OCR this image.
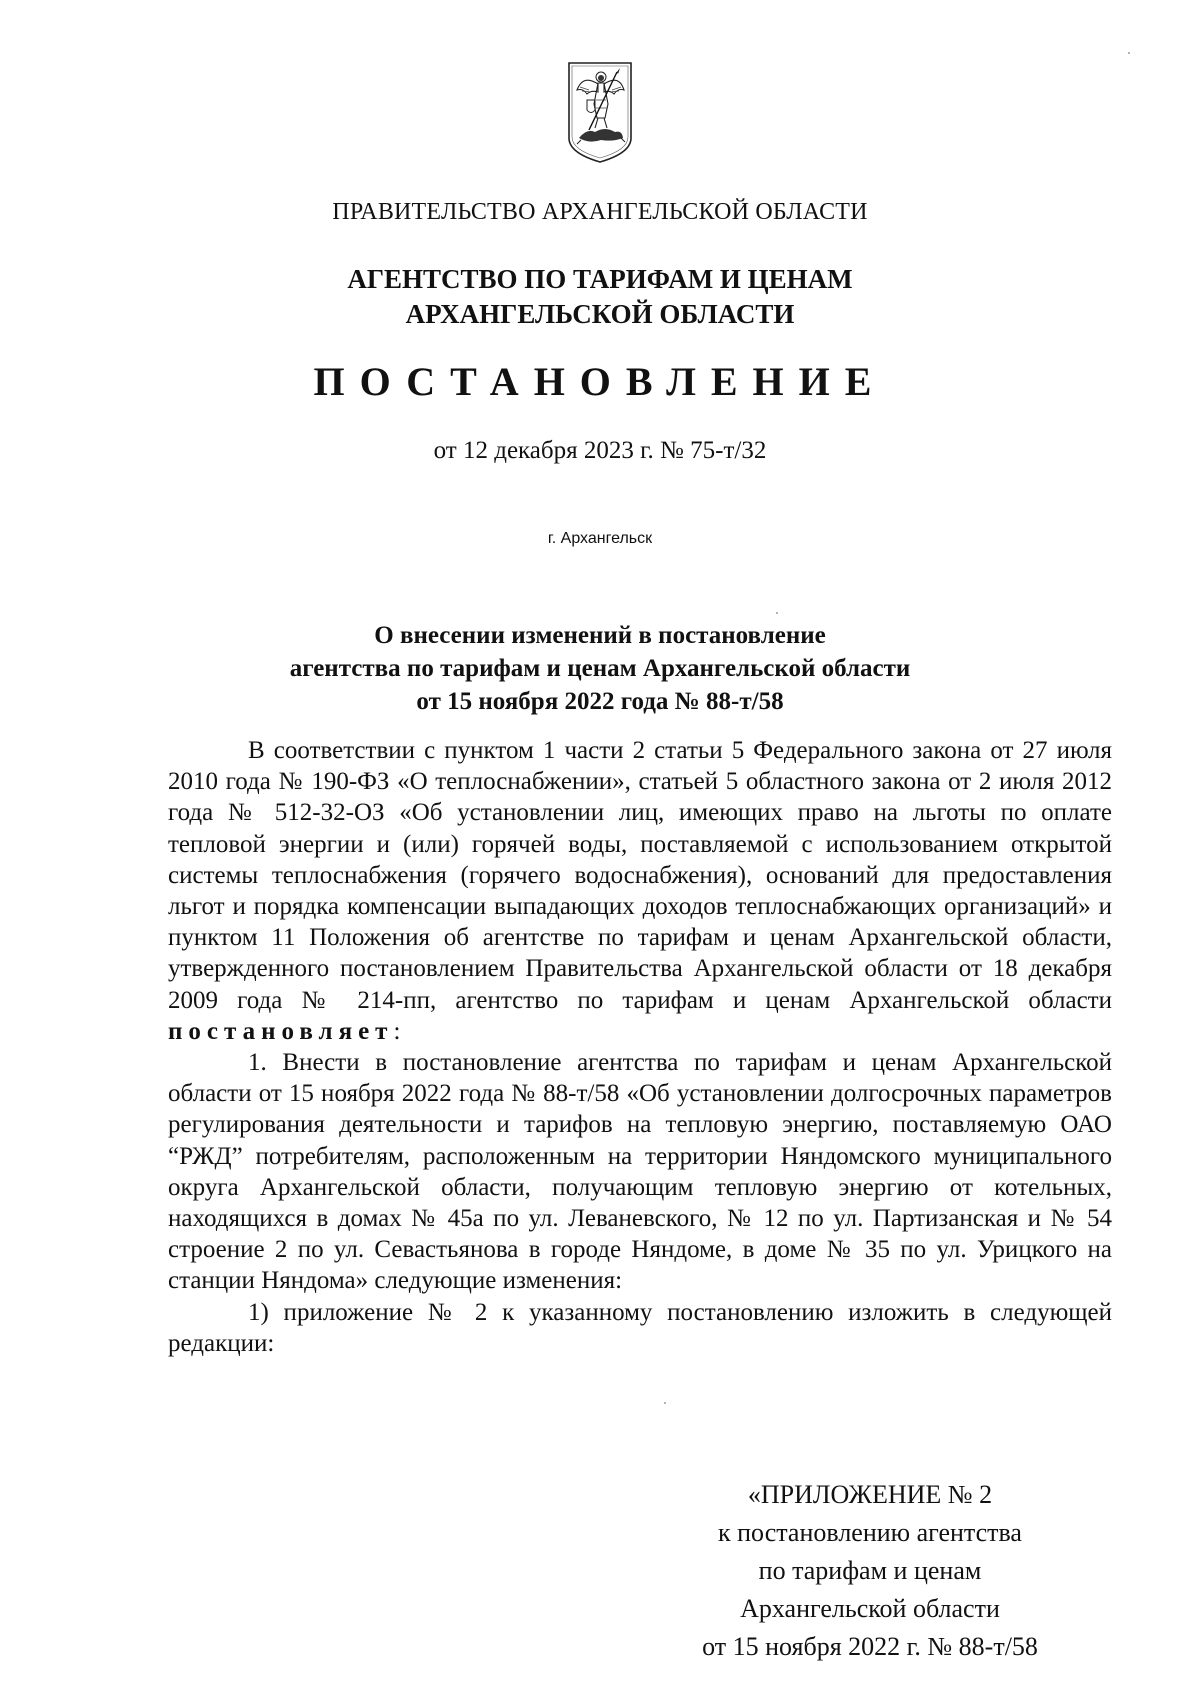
ПРАВИТЕЛЬСТВО АРХАНГЕЛЬСКОЙ ОБЛАСТИ
АГЕНТСТВО ПО ТАРИФАМ И ЦЕНАМ
АРХАНГЕЛЬСКОЙ ОБЛАСТИ
ПОСТАНОВЛЕНИЕ
от 12 декабря 2023 г. № 75-т/32
г. Архангельск
О внесении изменений в постановление
агентства по тарифам и ценам Архангельской области
от 15 ноября 2022 года № 88-т/58

В соответствии с пунктом 1 части 2 статьи 5 Федерального закона от 27 июля 2010 года № 190-ФЗ «О теплоснабжении», статьей 5 областного закона от 2 июля 2012 года № 512-32-ОЗ «Об установлении лиц, имеющих право на льготы по оплате тепловой энергии и (или) горячей воды, поставляемой с использованием открытой системы теплоснабжения (горячего водоснабжения), оснований для предоставления льгот и порядка компенсации выпадающих доходов теплоснабжающих организаций» и пунктом 11 Положения об агентстве по тарифам и ценам Архангельской области, утвержденного постановлением Правительства Архангельской области от 18 декабря 2009 года № 214-пп, агентство по тарифам и ценам Архангельской области постановляет:

1. Внести в постановление агентства по тарифам и ценам Архангельской области от 15 ноября 2022 года № 88-т/58 «Об установлении долгосрочных параметров регулирования деятельности и тарифов на тепловую энергию, поставляемую ОАО “РЖД” потребителям, расположенным на территории Няндомского муниципального округа Архангельской области, получающим тепловую энергию от котельных, находящихся в домах № 45а по ул. Леваневского, № 12 по ул. Партизанская и № 54 строение 2 по ул. Севастьянова в городе Няндоме, в доме № 35 по ул. Урицкого на станции Няндома» следующие изменения:

1) приложение № 2 к указанному постановлению изложить в следующей редакции:

«ПРИЛОЖЕНИЕ № 2
к постановлению агентства
по тарифам и ценам
Архангельской области
от 15 ноября 2022 г. № 88-т/58
